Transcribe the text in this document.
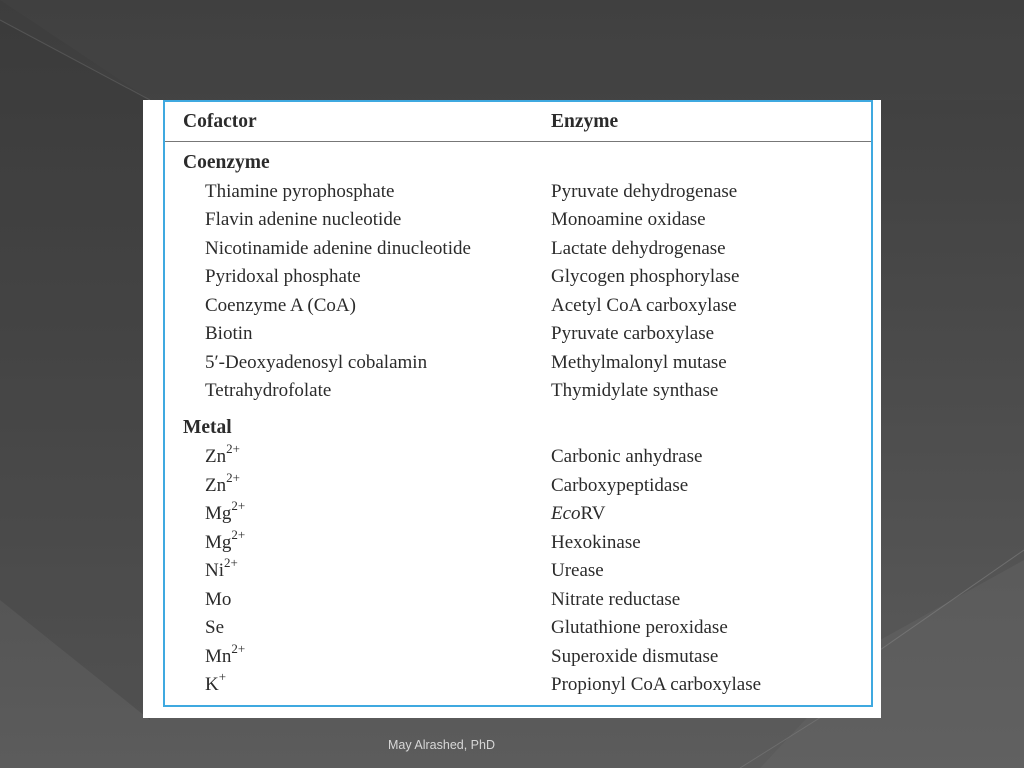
Cofactor	Enzyme
Coenzyme
Thiamine pyrophosphate	Pyruvate dehydrogenase
Flavin adenine nucleotide	Monoamine oxidase
Nicotinamide adenine dinucleotide	Lactate dehydrogenase
Pyridoxal phosphate	Glycogen phosphorylase
Coenzyme A (CoA)	Acetyl CoA carboxylase
Biotin	Pyruvate carboxylase
5′-Deoxyadenosyl cobalamin	Methylmalonyl mutase
Tetrahydrofolate	Thymidylate synthase
Metal
$Zn^{2+}$	Carbonic anhydrase
$Zn^{2+}$	Carboxypeptidase
$Mg^{2+}$	EcoRV
$Mg^{2+}$	Hexokinase
$Ni^{2+}$	Urease
Mo	Nitrate reductase
Se	Glutathione peroxidase
$Mn^{2+}$	Superoxide dismutase
K+	Propionyl CoA carboxylase
May Alrashed, PhD
